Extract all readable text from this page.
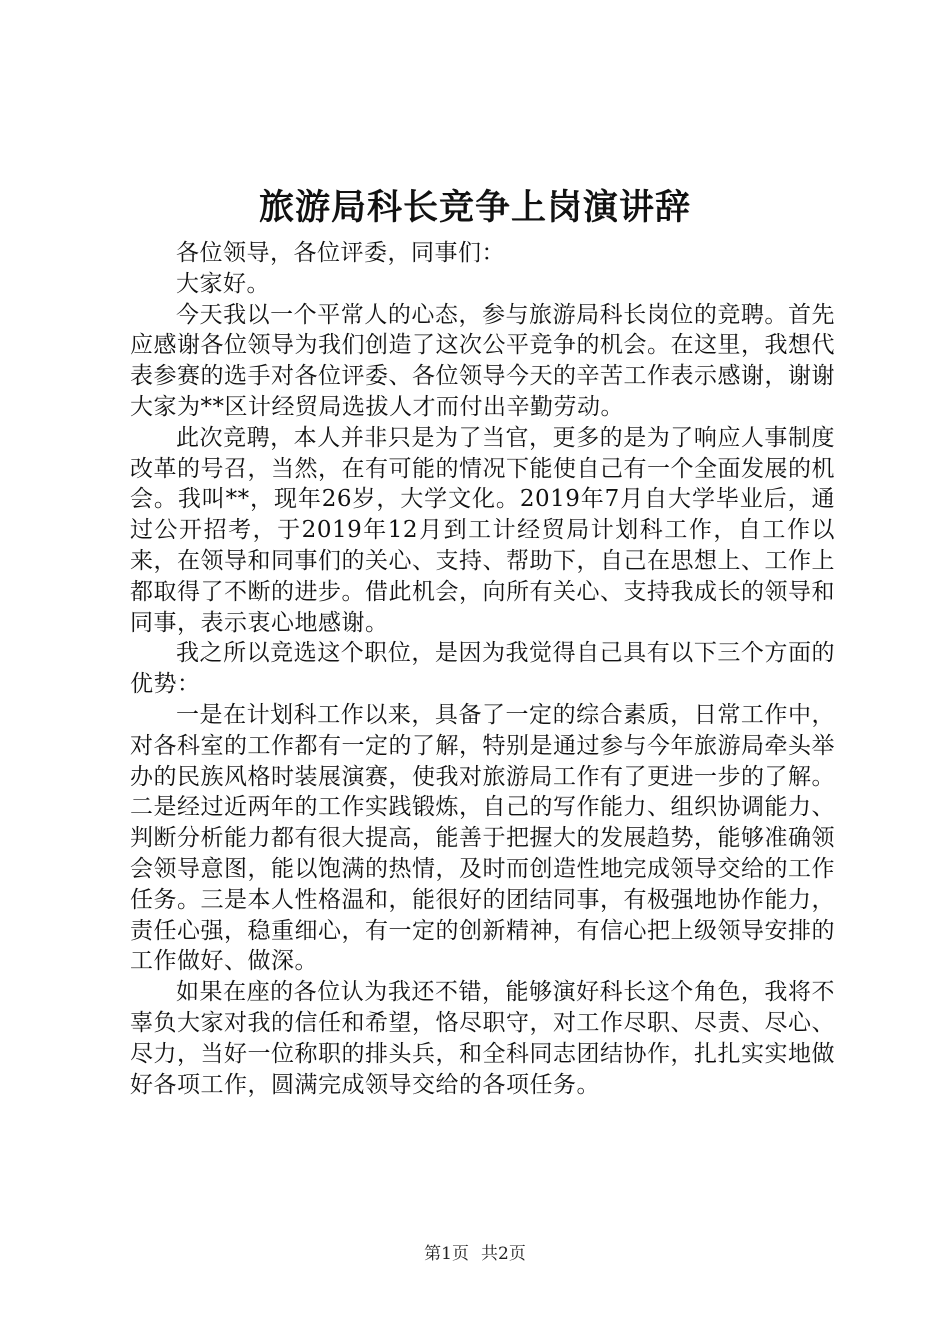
旅游局科长竞争上岗演讲辞

各位领导，各位评委，同事们：

大家好。

今天我以一个平常人的心态，参与旅游局科长岗位的竞聘。首先应感谢各位领导为我们创造了这次公平竞争的机会。在这里，我想代表参赛的选手对各位评委、各位领导今天的辛苦工作表示感谢，谢谢大家为**区计经贸局选拔人才而付出辛勤劳动。

此次竞聘，本人并非只是为了当官，更多的是为了响应人事制度改革的号召，当然，在有可能的情况下能使自己有一个全面发展的机会。我叫**，现年26岁，大学文化。2019年7月自大学毕业后，通过公开招考，于2019年12月到工计经贸局计划科工作，自工作以来，在领导和同事们的关心、支持、帮助下，自己在思想上、工作上都取得了不断的进步。借此机会，向所有关心、支持我成长的领导和同事，表示衷心地感谢。

我之所以竞选这个职位，是因为我觉得自己具有以下三个方面的优势：

一是在计划科工作以来，具备了一定的综合素质，日常工作中，对各科室的工作都有一定的了解，特别是通过参与今年旅游局牵头举办的民族风格时装展演赛，使我对旅游局工作有了更进一步的了解。二是经过近两年的工作实践锻炼，自己的写作能力、组织协调能力、判断分析能力都有很大提高，能善于把握大的发展趋势，能够准确领会领导意图，能以饱满的热情，及时而创造性地完成领导交给的工作任务。三是本人性格温和，能很好的团结同事，有极强地协作能力，责任心强，稳重细心，有一定的创新精神，有信心把上级领导安排的工作做好、做深。

如果在座的各位认为我还不错，能够演好科长这个角色，我将不辜负大家对我的信任和希望，恪尽职守，对工作尽职、尽责、尽心、尽力，当好一位称职的排头兵，和全科同志团结协作，扎扎实实地做好各项工作，圆满完成领导交给的各项任务。

第1页 共2页
